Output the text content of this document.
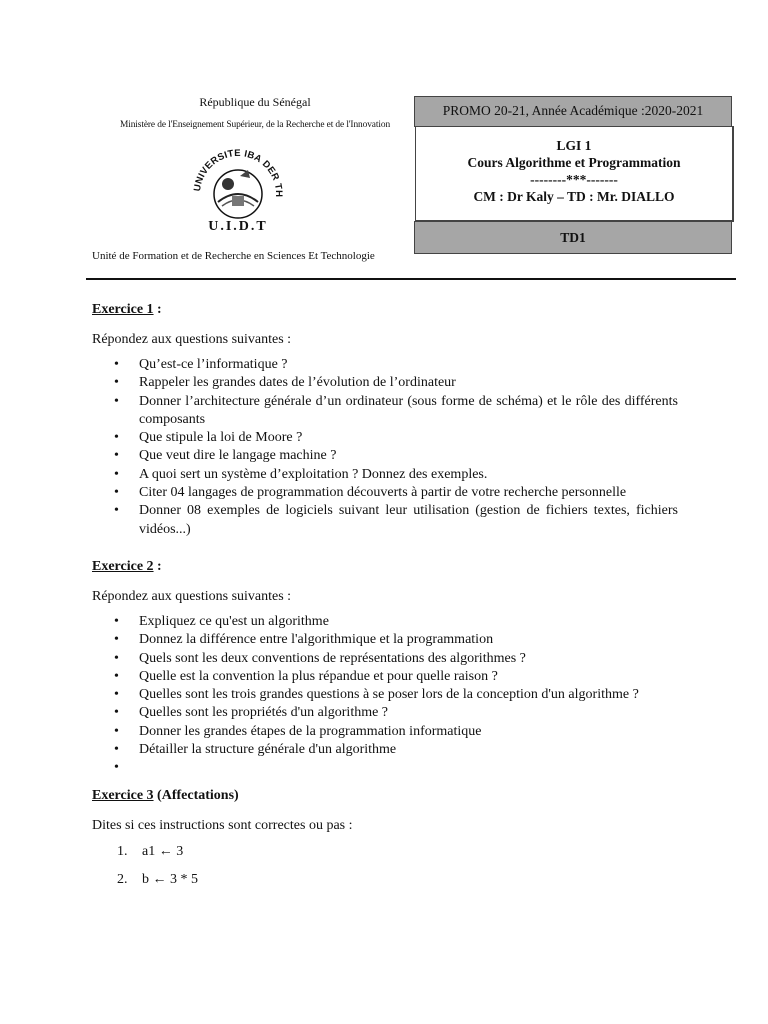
République du Sénégal
Ministère de l'Enseignement Supérieur, de la Recherche et de l'Innovation
UNIVERSITE IBA DER TH
U.I.D.T
Unité de Formation et de Recherche en Sciences Et Technologie
PROMO 20-21, Année Académique :2020-2021
LGI 1
Cours Algorithme et Programmation
--------***-------
CM : Dr Kaly – TD : Mr. DIALLO
TD1

Exercice 1 :

Répondez aux questions suivantes :

• Qu’est-ce l’informatique ?
• Rappeler les grandes dates de l’évolution de l’ordinateur
• Donner l’architecture générale d’un ordinateur (sous forme de schéma) et le rôle des différents composants
• Que stipule la loi de Moore ?
• Que veut dire le langage machine ?
• A quoi sert un système d’exploitation ? Donnez des exemples.
• Citer 04 langages de programmation découverts à partir de votre recherche personnelle
• Donner 08 exemples de logiciels suivant leur utilisation (gestion de fichiers textes, fichiers vidéos...)

Exercice 2 :

Répondez aux questions suivantes :

• Expliquez ce qu'est un algorithme
• Donnez la différence entre l'algorithmique et la programmation
• Quels sont les deux conventions de représentations des algorithmes ?
• Quelle est la convention la plus répandue et pour quelle raison ?
• Quelles sont les trois grandes questions à se poser lors de la conception d'un algorithme ?
• Quelles sont les propriétés d'un algorithme ?
• Donner les grandes étapes de la programmation informatique
• Détailler la structure générale d'un algorithme
•

Exercice 3 (Affectations)

Dites si ces instructions sont correctes ou pas :

1. a1 ← 3
2. b ← 3 * 5
